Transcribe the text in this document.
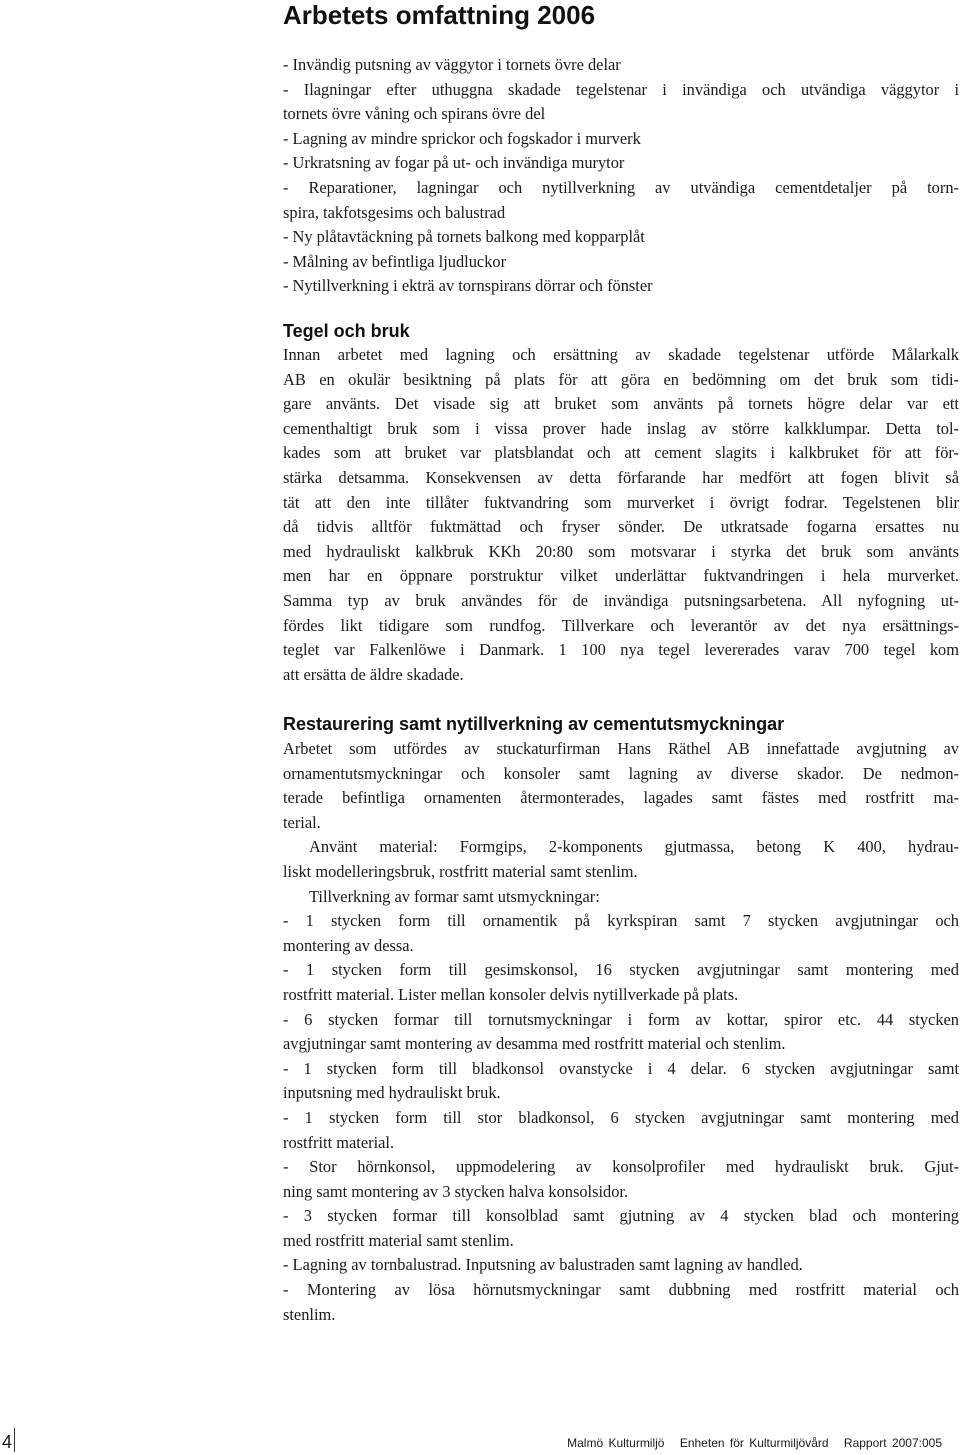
Arbetets omfattning 2006
- Invändig putsning av väggytor i tornets övre delar
- Ilagningar efter uthuggna skadade tegelstenar i invändiga och utvändiga väggytor i
tornets övre våning och spirans övre del
- Lagning av mindre sprickor och fogskador i murverk
- Urkratsning av fogar på ut- och invändiga murytor
- Reparationer, lagningar och nytillverkning av utvändiga cementdetaljer på torn-
spira, takfotsgesims och balustrad
- Ny plåtavtäckning på tornets balkong med kopparplåt
- Målning av befintliga ljudluckor
- Nytillverkning i ekträ av tornspirans dörrar och fönster
Tegel och bruk
Innan arbetet med lagning och ersättning av skadade tegelstenar utförde Målarkalk
AB en okulär besiktning på plats för att göra en bedömning om det bruk som tidi-
gare använts. Det visade sig att bruket som använts på tornets högre delar var ett
cementhaltigt bruk som i vissa prover hade inslag av större kalkklumpar. Detta tol-
kades som att bruket var platsblandat och att cement slagits i kalkbruket för att för-
stärka detsamma. Konsekvensen av detta förfarande har medfört att fogen blivit så
tät att den inte tillåter fuktvandring som murverket i övrigt fodrar. Tegelstenen blir
då tidvis alltför fuktmättad och fryser sönder. De utkratsade fogarna ersattes nu
med hydrauliskt kalkbruk KKh 20:80 som motsvarar i styrka det bruk som använts
men har en öppnare porstruktur vilket underlättar fuktvandringen i hela murverket.
Samma typ av bruk användes för de invändiga putsningsarbetena. All nyfogning ut-
fördes likt tidigare som rundfog. Tillverkare och leverantör av det nya ersättnings-
teglet var Falkenlöwe i Danmark. 1 100 nya tegel levererades varav 700 tegel kom
att ersätta de äldre skadade.
Restaurering samt nytillverkning av cementutsmyckningar
Arbetet som utfördes av stuckaturfirman Hans Räthel AB innefattade avgjutning av
ornamentutsmyckningar och konsoler samt lagning av diverse skador. De nedmon-
terade befintliga ornamenten återmonterades, lagades samt fästes med rostfritt ma-
terial.
Använt material: Formgips, 2-komponents gjutmassa, betong K 400, hydrau-
liskt modelleringsbruk, rostfritt material samt stenlim.
Tillverkning av formar samt utsmyckningar:
- 1 stycken form till ornamentik på kyrkspiran samt 7 stycken avgjutningar och
montering av dessa.
- 1 stycken form till gesimskonsol, 16 stycken avgjutningar samt montering med
rostfritt material. Lister mellan konsoler delvis nytillverkade på plats.
- 6 stycken formar till tornutsmyckningar i form av kottar, spiror etc. 44 stycken
avgjutningar samt montering av desamma med rostfritt material och stenlim.
- 1 stycken form till bladkonsol ovanstycke i 4 delar. 6 stycken avgjutningar samt
inputsning med hydrauliskt bruk.
- 1 stycken form till stor bladkonsol, 6 stycken avgjutningar samt montering med
rostfritt material.
- Stor hörnkonsol, uppmodelering av konsolprofiler med hydrauliskt bruk. Gjut-
ning samt montering av 3 stycken halva konsolsidor.
- 3 stycken formar till konsolblad samt gjutning av 4 stycken blad och montering
med rostfritt material samt stenlim.
- Lagning av tornbalustrad. Inputsning av balustraden samt lagning av handled.
- Montering av lösa hörnutsmyckningar samt dubbning med rostfritt material och
stenlim.
4	Malmö Kulturmiljö Enheten för Kulturmiljövård Rapport 2007:005
